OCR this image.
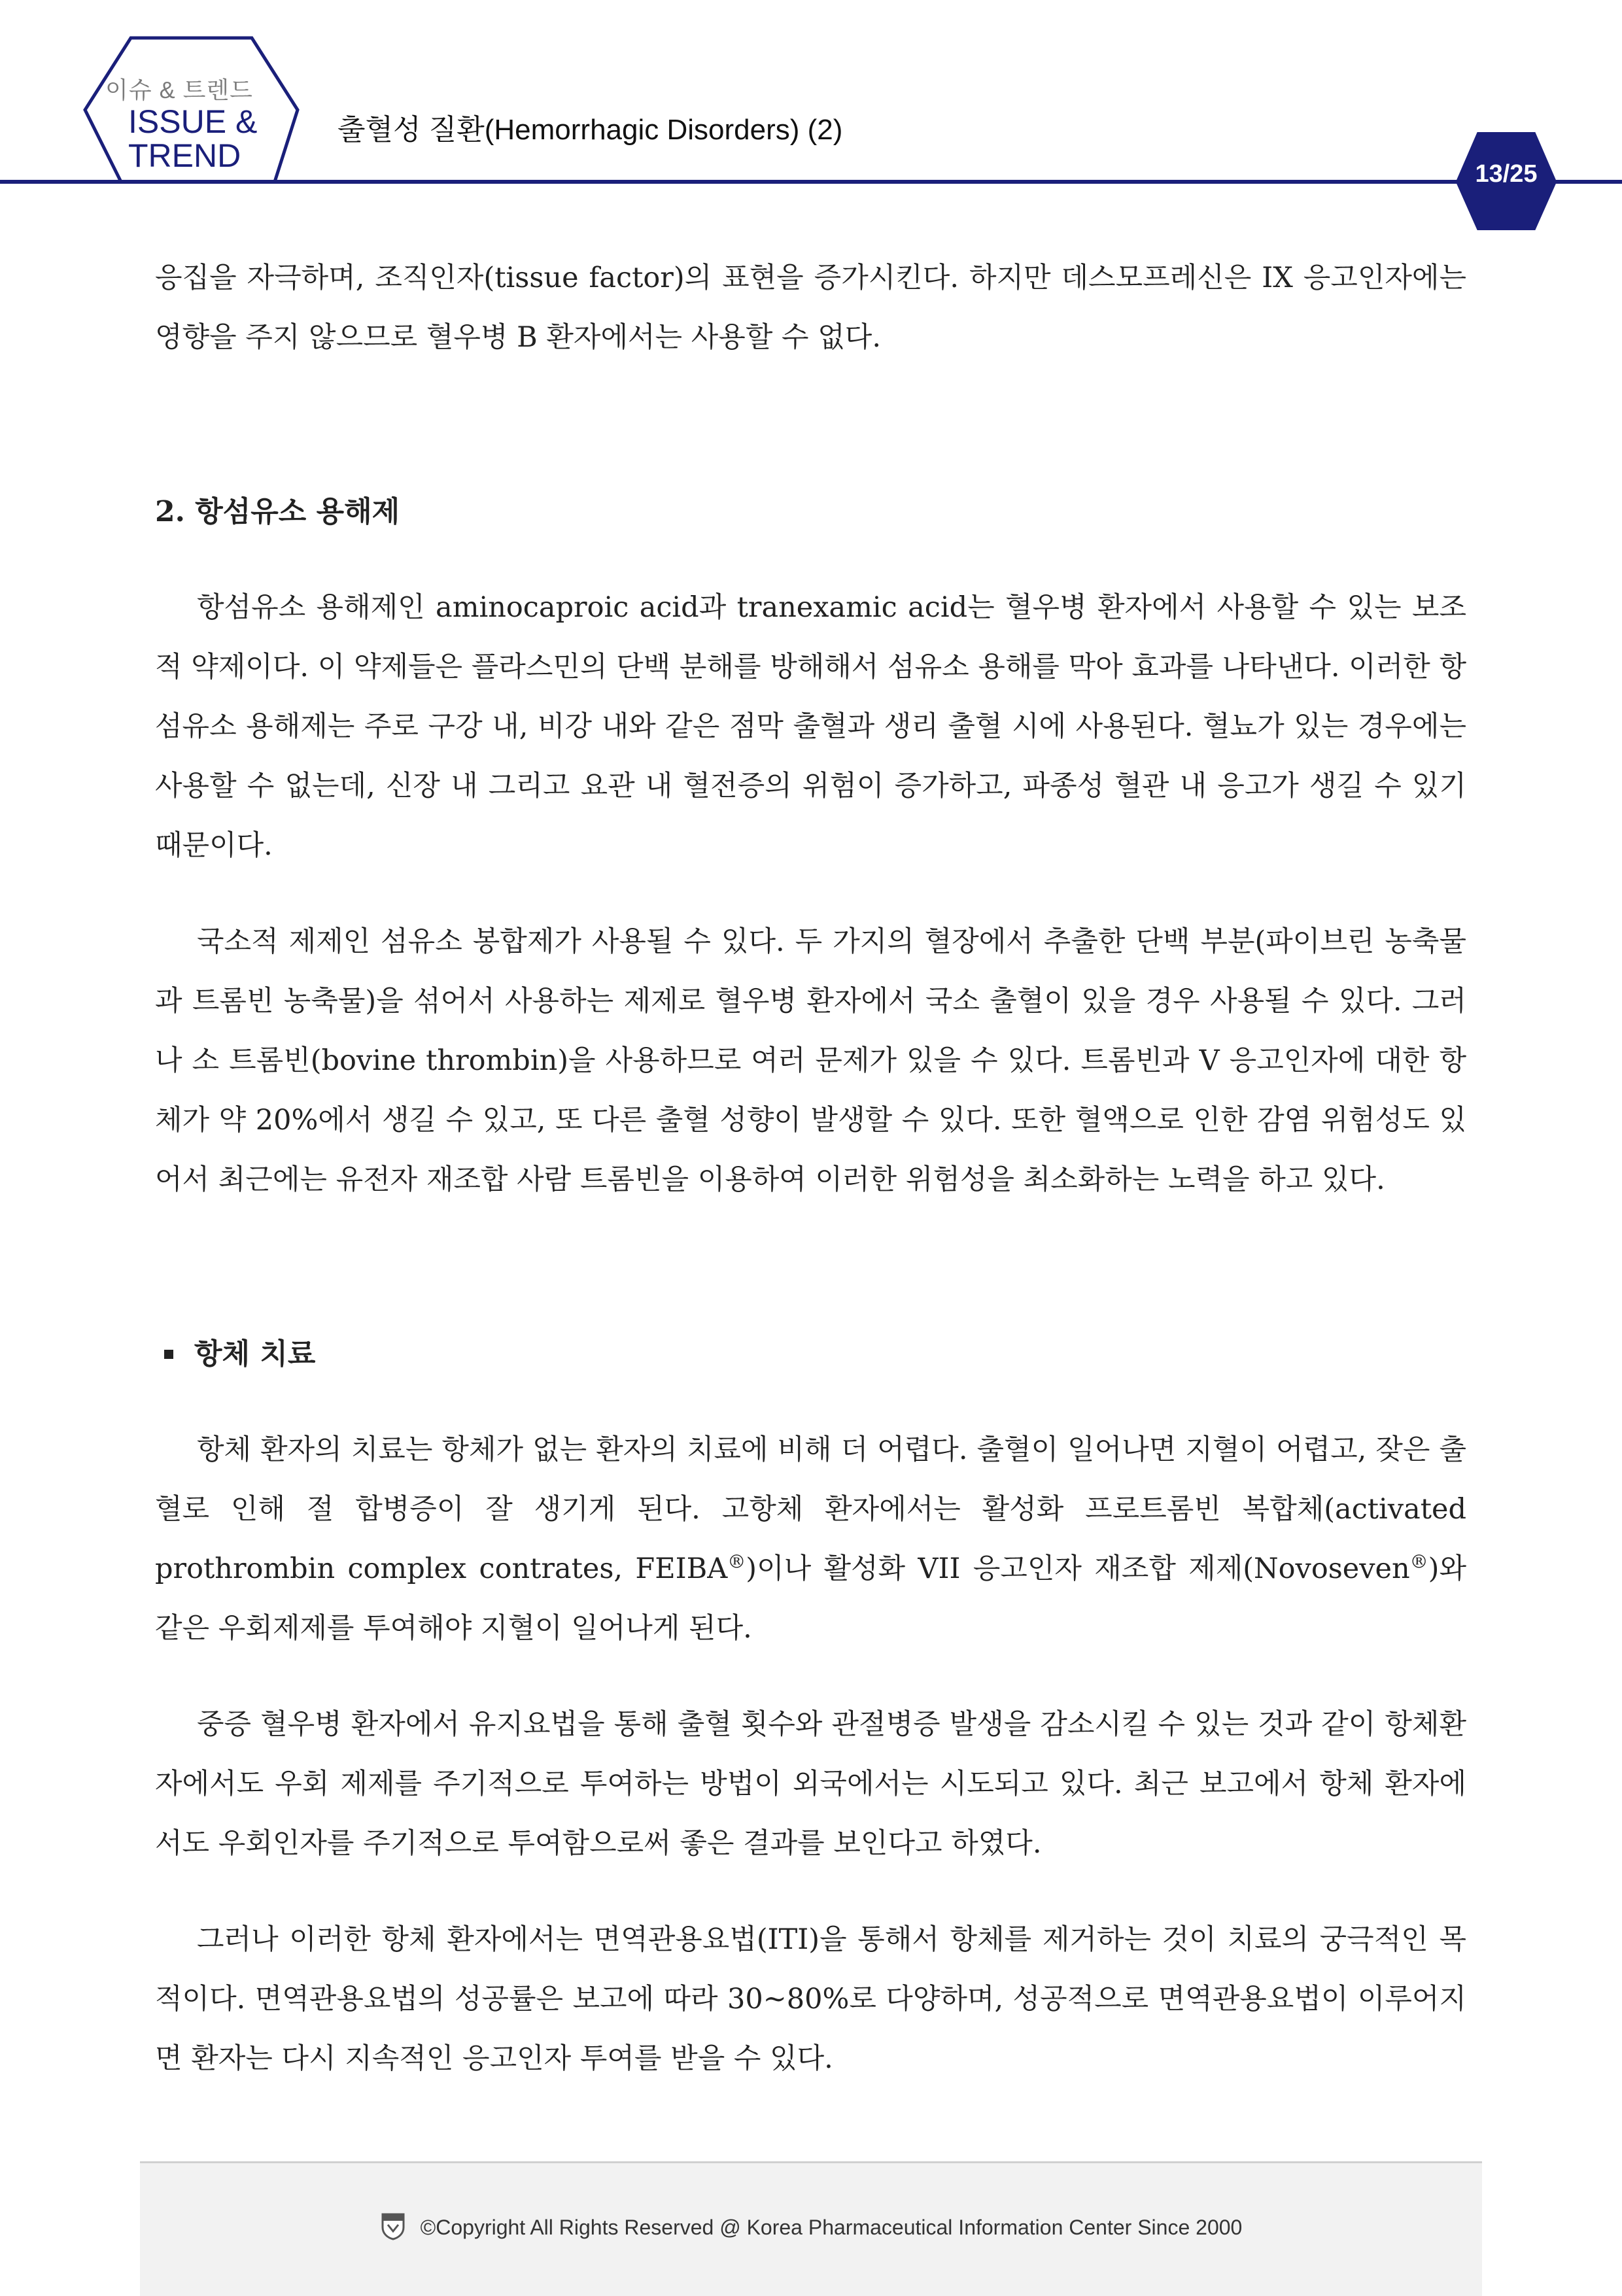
이슈 & 트렌드
ISSUE &
TREND
출혈성 질환(Hemorrhagic Disorders) (2)
13/25

응집을 자극하며, 조직인자(tissue factor)의 표현을 증가시킨다. 하지만 데스모프레신은 IX 응고인자에는 영향을 주지 않으므로 혈우병 B 환자에서는 사용할 수 없다.

2. 항섬유소 용해제

항섬유소 용해제인 aminocaproic acid과 tranexamic acid는 혈우병 환자에서 사용할 수 있는 보조적 약제이다. 이 약제들은 플라스민의 단백 분해를 방해해서 섬유소 용해를 막아 효과를 나타낸다. 이러한 항섬유소 용해제는 주로 구강 내, 비강 내와 같은 점막 출혈과 생리 출혈 시에 사용된다. 혈뇨가 있는 경우에는 사용할 수 없는데, 신장 내 그리고 요관 내 혈전증의 위험이 증가하고, 파종성 혈관 내 응고가 생길 수 있기 때문이다.

국소적 제제인 섬유소 봉합제가 사용될 수 있다. 두 가지의 혈장에서 추출한 단백 부분(파이브린 농축물과 트롬빈 농축물)을 섞어서 사용하는 제제로 혈우병 환자에서 국소 출혈이 있을 경우 사용될 수 있다. 그러나 소 트롬빈(bovine thrombin)을 사용하므로 여러 문제가 있을 수 있다. 트롬빈과 V 응고인자에 대한 항체가 약 20%에서 생길 수 있고, 또 다른 출혈 성향이 발생할 수 있다. 또한 혈액으로 인한 감염 위험성도 있어서 최근에는 유전자 재조합 사람 트롬빈을 이용하여 이러한 위험성을 최소화하는 노력을 하고 있다.

항체 치료

항체 환자의 치료는 항체가 없는 환자의 치료에 비해 더 어렵다. 출혈이 일어나면 지혈이 어렵고, 잦은 출혈로 인해 절 합병증이 잘 생기게 된다. 고항체 환자에서는 활성화 프로트롬빈 복합체(activated prothrombin complex contrates, FEIBA®)이나 활성화 VII 응고인자 재조합 제제(Novoseven®)와 같은 우회제제를 투여해야 지혈이 일어나게 된다.

중증 혈우병 환자에서 유지요법을 통해 출혈 횟수와 관절병증 발생을 감소시킬 수 있는 것과 같이 항체환자에서도 우회 제제를 주기적으로 투여하는 방법이 외국에서는 시도되고 있다. 최근 보고에서 항체 환자에서도 우회인자를 주기적으로 투여함으로써 좋은 결과를 보인다고 하였다.

그러나 이러한 항체 환자에서는 면역관용요법(ITI)을 통해서 항체를 제거하는 것이 치료의 궁극적인 목적이다. 면역관용요법의 성공률은 보고에 따라 30~80%로 다양하며, 성공적으로 면역관용요법이 이루어지면 환자는 다시 지속적인 응고인자 투여를 받을 수 있다.

©Copyright All Rights Reserved @ Korea Pharmaceutical Information Center Since 2000
